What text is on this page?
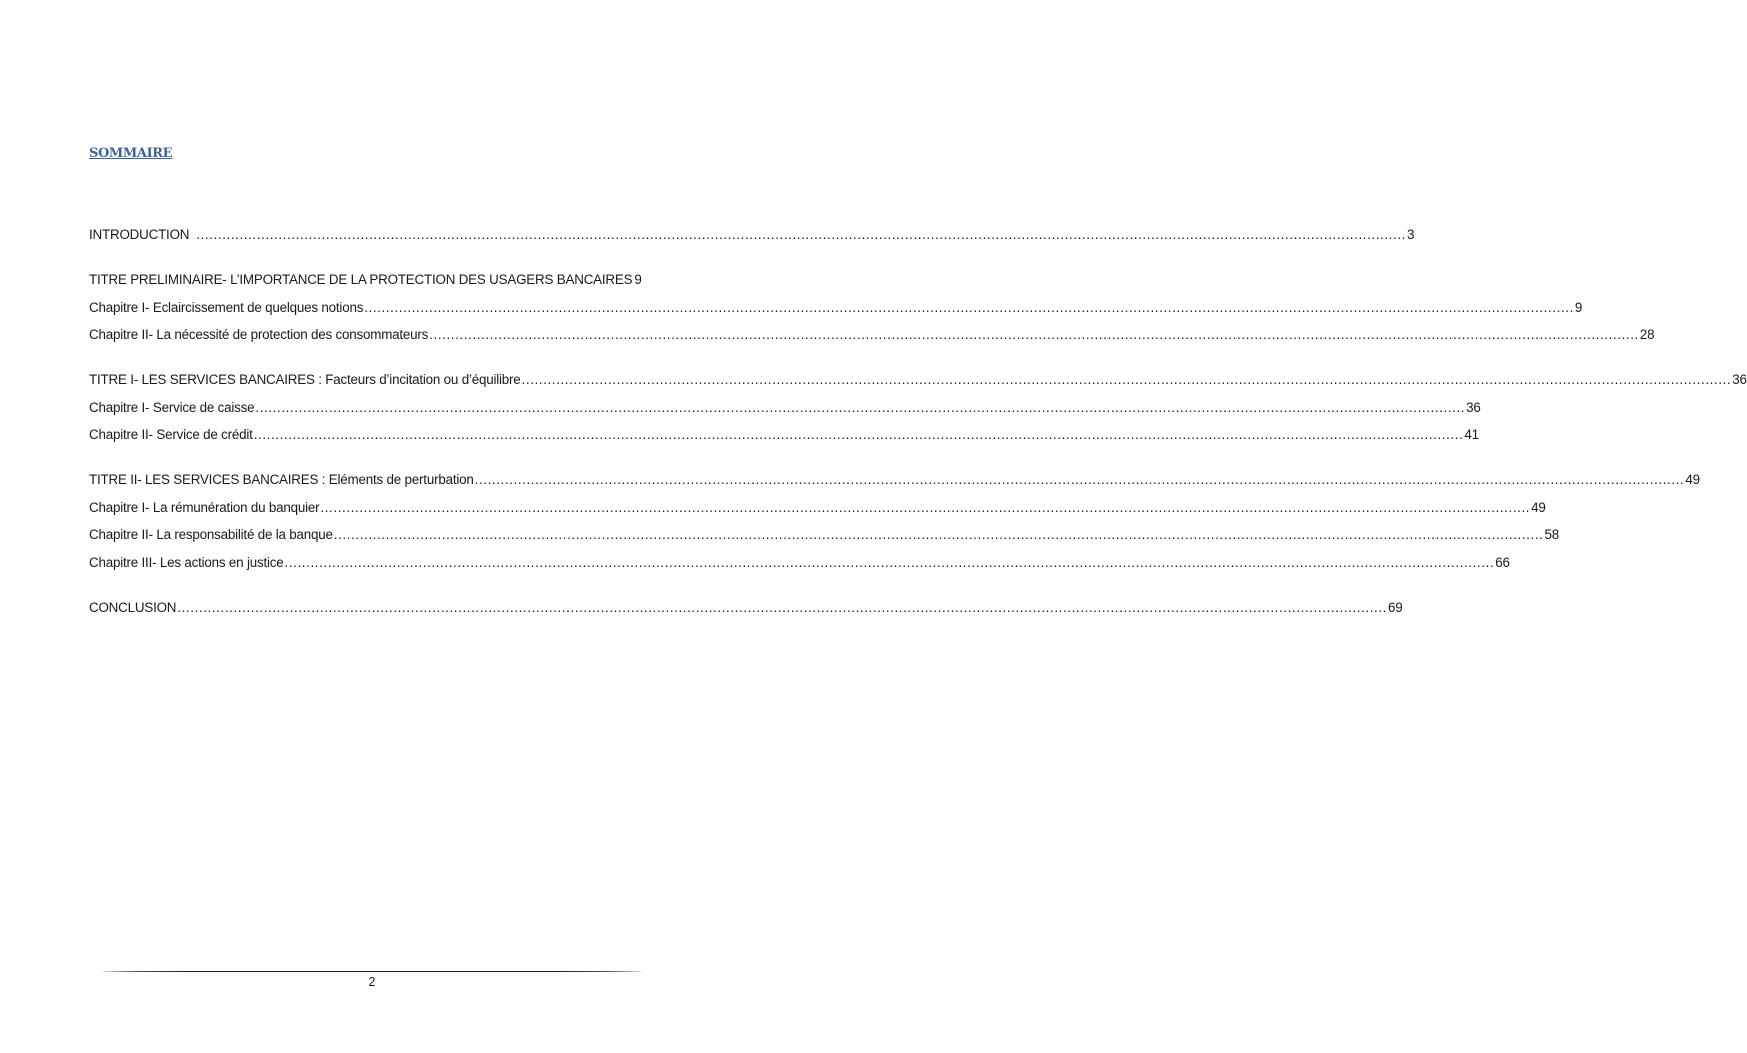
SOMMAIRE
INTRODUCTION .....	3
TITRE PRELIMINAIRE- L’IMPORTANCE DE LA PROTECTION DES USAGERS BANCAIRES 9
Chapitre I- Eclaircissement de quelques notions .....	9
Chapitre II- La nécessité de protection des consommateurs .....	28
TITRE I- LES SERVICES BANCAIRES : Facteurs d’incitation ou d’équilibre .....	36
Chapitre I- Service de caisse .....	36
Chapitre II- Service de crédit .....	41
TITRE II- LES SERVICES BANCAIRES : Eléments de perturbation .....	49
Chapitre I- La rémunération du banquier .....	49
Chapitre II- La responsabilité de la banque .....	58
Chapitre III- Les actions en justice .....	66
CONCLUSION .....	69
2
